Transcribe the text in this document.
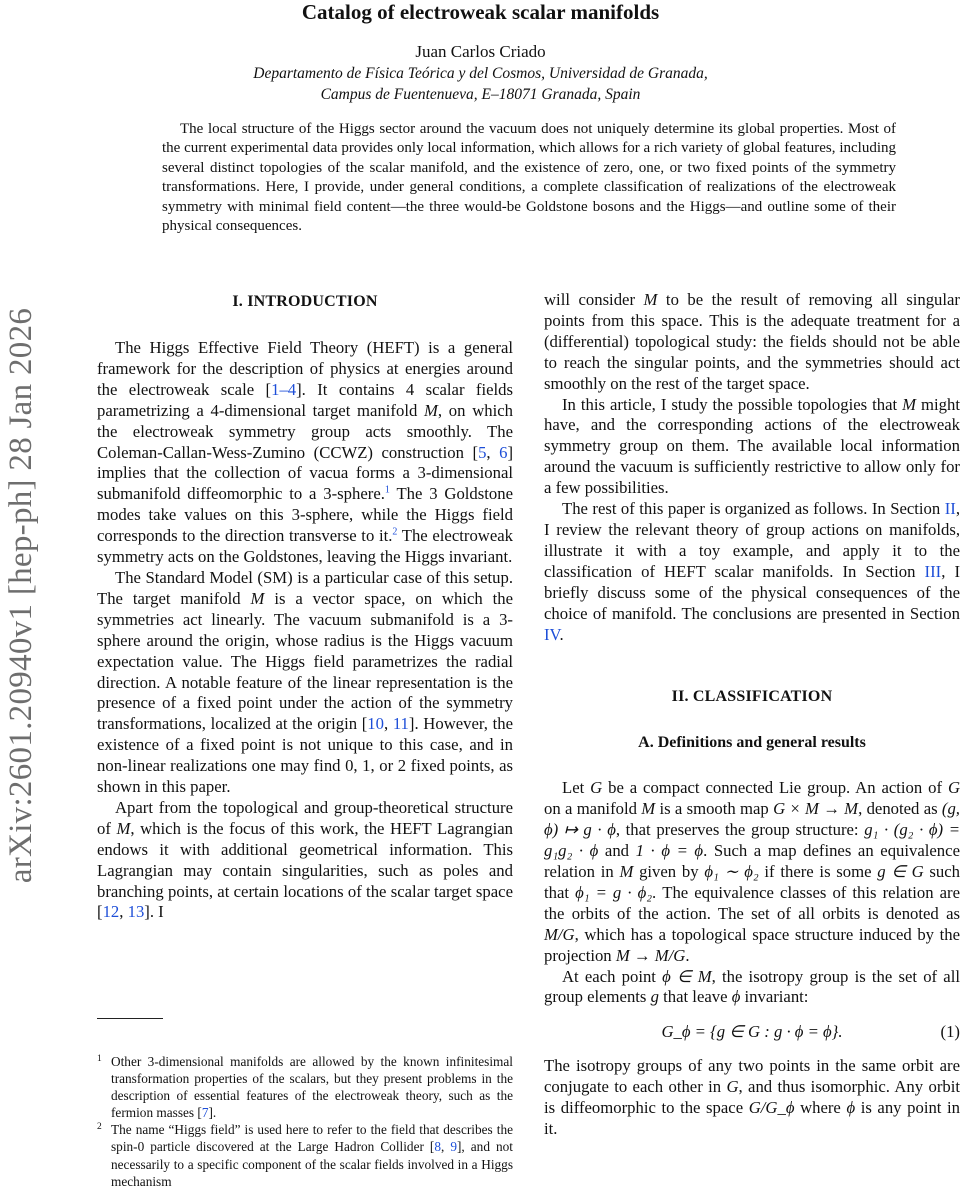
arXiv:2601.20940v1 [hep-ph] 28 Jan 2026
Catalog of electroweak scalar manifolds
Juan Carlos Criado
Departamento de Física Teórica y del Cosmos, Universidad de Granada,
Campus de Fuentenueva, E–18071 Granada, Spain

The local structure of the Higgs sector around the vacuum does not uniquely determine its global properties. Most of the current experimental data provides only local information, which allows for a rich variety of global features, including several distinct topologies of the scalar manifold, and the existence of zero, one, or two fixed points of the symmetry transformations. Here, I provide, under general conditions, a complete classification of realizations of the electroweak symmetry with minimal field content—the three would-be Goldstone bosons and the Higgs—and outline some of their physical consequences.

I. INTRODUCTION

The Higgs Effective Field Theory (HEFT) is a general framework for the description of physics at energies around the electroweak scale [1–4]. It contains 4 scalar fields parametrizing a 4-dimensional target manifold M, on which the electroweak symmetry group acts smoothly. The Coleman-Callan-Wess-Zumino (CCWZ) construction [5, 6] implies that the collection of vacua forms a 3-dimensional submanifold diffeomorphic to a 3-sphere.$^1$ The 3 Goldstone modes take values on this 3-sphere, while the Higgs field corresponds to the direction transverse to it.$^2$ The electroweak symmetry acts on the Goldstones, leaving the Higgs invariant.

The Standard Model (SM) is a particular case of this setup. The target manifold M is a vector space, on which the symmetries act linearly. The vacuum submanifold is a 3-sphere around the origin, whose radius is the Higgs vacuum expectation value. The Higgs field parametrizes the radial direction. A notable feature of the linear representation is the presence of a fixed point under the action of the symmetry transformations, localized at the origin [10, 11]. However, the existence of a fixed point is not unique to this case, and in non-linear realizations one may find 0, 1, or 2 fixed points, as shown in this paper.

Apart from the topological and group-theoretical structure of M, which is the focus of this work, the HEFT Lagrangian endows it with additional geometrical information. This Lagrangian may contain singularities, such as poles and branching points, at certain locations of the scalar target space [12, 13]. I

1 Other 3-dimensional manifolds are allowed by the known infinitesimal transformation properties of the scalars, but they present problems in the description of essential features of the electroweak theory, such as the fermion masses [7].
2 The name “Higgs field” is used here to refer to the field that describes the spin-0 particle discovered at the Large Hadron Collider [8, 9], and not necessarily to a specific component of the scalar fields involved in a Higgs mechanism

will consider M to be the result of removing all singular points from this space. This is the adequate treatment for a (differential) topological study: the fields should not be able to reach the singular points, and the symmetries should act smoothly on the rest of the target space.

In this article, I study the possible topologies that M might have, and the corresponding actions of the electroweak symmetry group on them. The available local information around the vacuum is sufficiently restrictive to allow only for a few possibilities.

The rest of this paper is organized as follows. In Section II, I review the relevant theory of group actions on manifolds, illustrate it with a toy example, and apply it to the classification of HEFT scalar manifolds. In Section III, I briefly discuss some of the physical consequences of the choice of manifold. The conclusions are presented in Section IV.

II. CLASSIFICATION
A. Definitions and general results

Let G be a compact connected Lie group. An action of G on a manifold M is a smooth map G × M → M, denoted as (g, ϕ) ↦ g · ϕ, that preserves the group structure: g₁ · (g₂ · ϕ) = g₁g₂ · ϕ and 1 · ϕ = ϕ. Such a map defines an equivalence relation in M given by ϕ₁ ∼ ϕ₂ if there is some g ∈ G such that ϕ₁ = g · ϕ₂. The equivalence classes of this relation are the orbits of the action. The set of all orbits is denoted as M/G, which has a topological space structure induced by the projection M → M/G.

At each point ϕ ∈ M, the isotropy group is the set of all group elements g that leave ϕ invariant:

G_ϕ = {g ∈ G : g · ϕ = ϕ}.	(1)

The isotropy groups of any two points in the same orbit are conjugate to each other in G, and thus isomorphic. Any orbit is diffeomorphic to the space G/G_ϕ where ϕ is any point in it.
